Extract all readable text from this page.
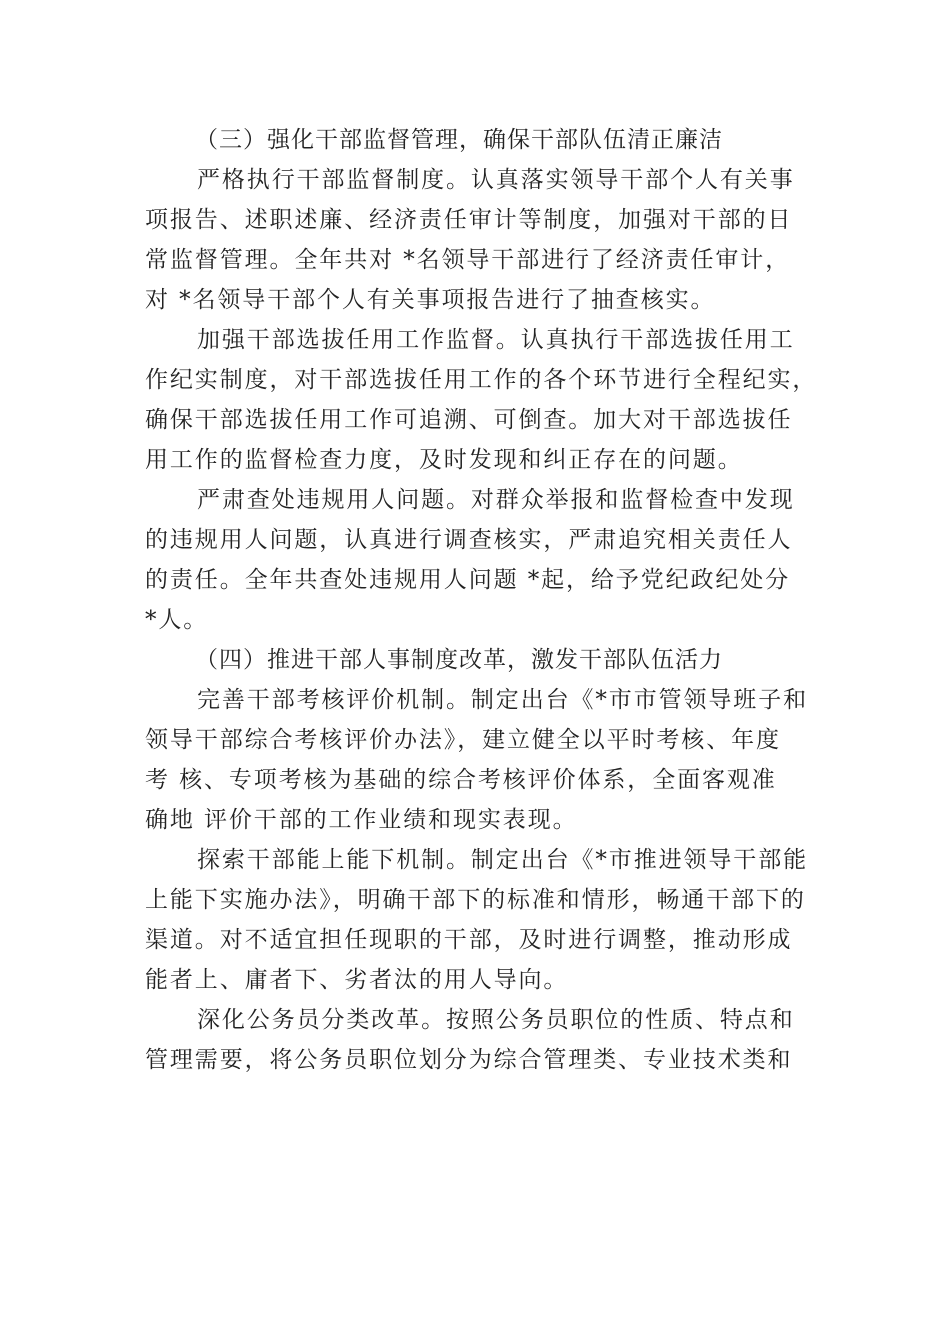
（三）强化干部监督管理，确保干部队伍清正廉洁
严格执行干部监督制度。认真落实领导干部个人有关事
项报告、述职述廉、经济责任审计等制度，加强对干部的日
常监督管理。全年共对 *名领导干部进行了经济责任审计，
对 *名领导干部个人有关事项报告进行了抽查核实。
加强干部选拔任用工作监督。认真执行干部选拔任用工
作纪实制度，对干部选拔任用工作的各个环节进行全程纪实，
确保干部选拔任用工作可追溯、可倒查。加大对干部选拔任
用工作的监督检查力度，及时发现和纠正存在的问题。
严肃查处违规用人问题。对群众举报和监督检查中发现
的违规用人问题，认真进行调查核实，严肃追究相关责任人
的责任。全年共查处违规用人问题 *起，给予党纪政纪处分
*人。
（四）推进干部人事制度改革，激发干部队伍活力
完善干部考核评价机制。制定出台《*市市管领导班子和
领导干部综合考核评价办法》，建立健全以平时考核、年度
考 核、专项考核为基础的综合考核评价体系，全面客观准
确地 评价干部的工作业绩和现实表现。
探索干部能上能下机制。制定出台《*市推进领导干部能
上能下实施办法》，明确干部下的标准和情形，畅通干部下的
渠道。对不适宜担任现职的干部，及时进行调整，推动形成
能者上、庸者下、劣者汰的用人导向。
深化公务员分类改革。按照公务员职位的性质、特点和
管理需要，将公务员职位划分为综合管理类、专业技术类和
